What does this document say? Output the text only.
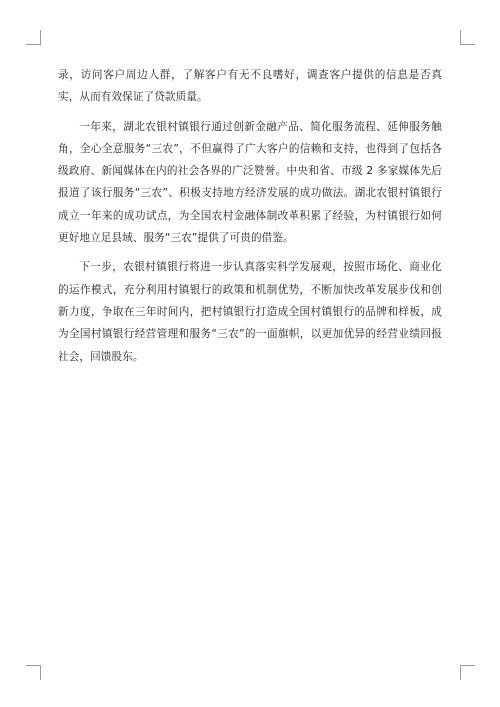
录，访问客户周边人群，了解客户有无不良嗜好，调查客户提供的信息是否真实，从而有效保证了贷款质量。

一年来，湖北农银村镇银行通过创新金融产品、简化服务流程、延伸服务触角，全心全意服务“三农”，不但赢得了广大客户的信赖和支持，也得到了包括各级政府、新闻媒体在内的社会各界的广泛赞誉。中央和省、市级 2 多家媒体先后报道了该行服务“三农”、积极支持地方经济发展的成功做法。湖北农银村镇银行成立一年来的成功试点，为全国农村金融体制改革积累了经验，为村镇银行如何更好地立足县域、服务“三农”提供了可贵的借鉴。

下一步，农银村镇银行将进一步认真落实科学发展观，按照市场化、商业化的运作模式，充分利用村镇银行的政策和机制优势，不断加快改革发展步伐和创新力度，争取在三年时间内，把村镇银行打造成全国村镇银行的品牌和样板，成为全国村镇银行经营管理和服务“三农”的一面旗帜，以更加优异的经营业绩回报社会，回馈股东。
